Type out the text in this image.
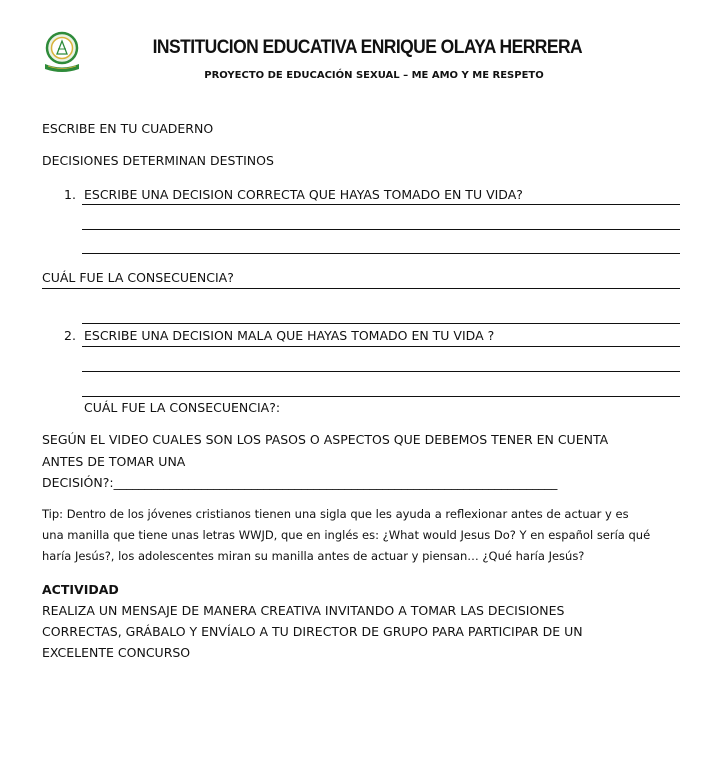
INSTITUCION EDUCATIVA ENRIQUE OLAYA HERRERA
PROYECTO DE EDUCACIÓN SEXUAL – ME AMO Y ME RESPETO
ESCRIBE EN TU CUADERNO
DECISIONES DETERMINAN DESTINOS
1. ESCRIBE UNA DECISION CORRECTA QUE HAYAS TOMADO EN TU VIDA?
CUÁL FUE LA CONSECUENCIA?
2. ESCRIBE UNA DECISION MALA QUE HAYAS TOMADO EN TU VIDA ?
CUÁL FUE LA CONSECUENCIA?:
SEGÚN EL VIDEO CUALES SON LOS PASOS O ASPECTOS QUE DEBEMOS TENER EN CUENTA
ANTES DE TOMAR UNA
DECISIÓN?:_______________________________________________________________________
Tip: Dentro de los jóvenes cristianos tienen una sigla que les ayuda a reflexionar antes de actuar y es
una manilla que tiene unas letras WWJD, que en inglés es: ¿What would Jesus Do? Y en español sería qué
haría Jesús?, los adolescentes miran su manilla antes de actuar y piensan… ¿Qué haría Jesús?
ACTIVIDAD
REALIZA UN MENSAJE DE MANERA CREATIVA INVITANDO A TOMAR LAS DECISIONES
CORRECTAS, GRÁBALO Y ENVÍALO A TU DIRECTOR DE GRUPO PARA PARTICIPAR DE UN
EXCELENTE CONCURSO
